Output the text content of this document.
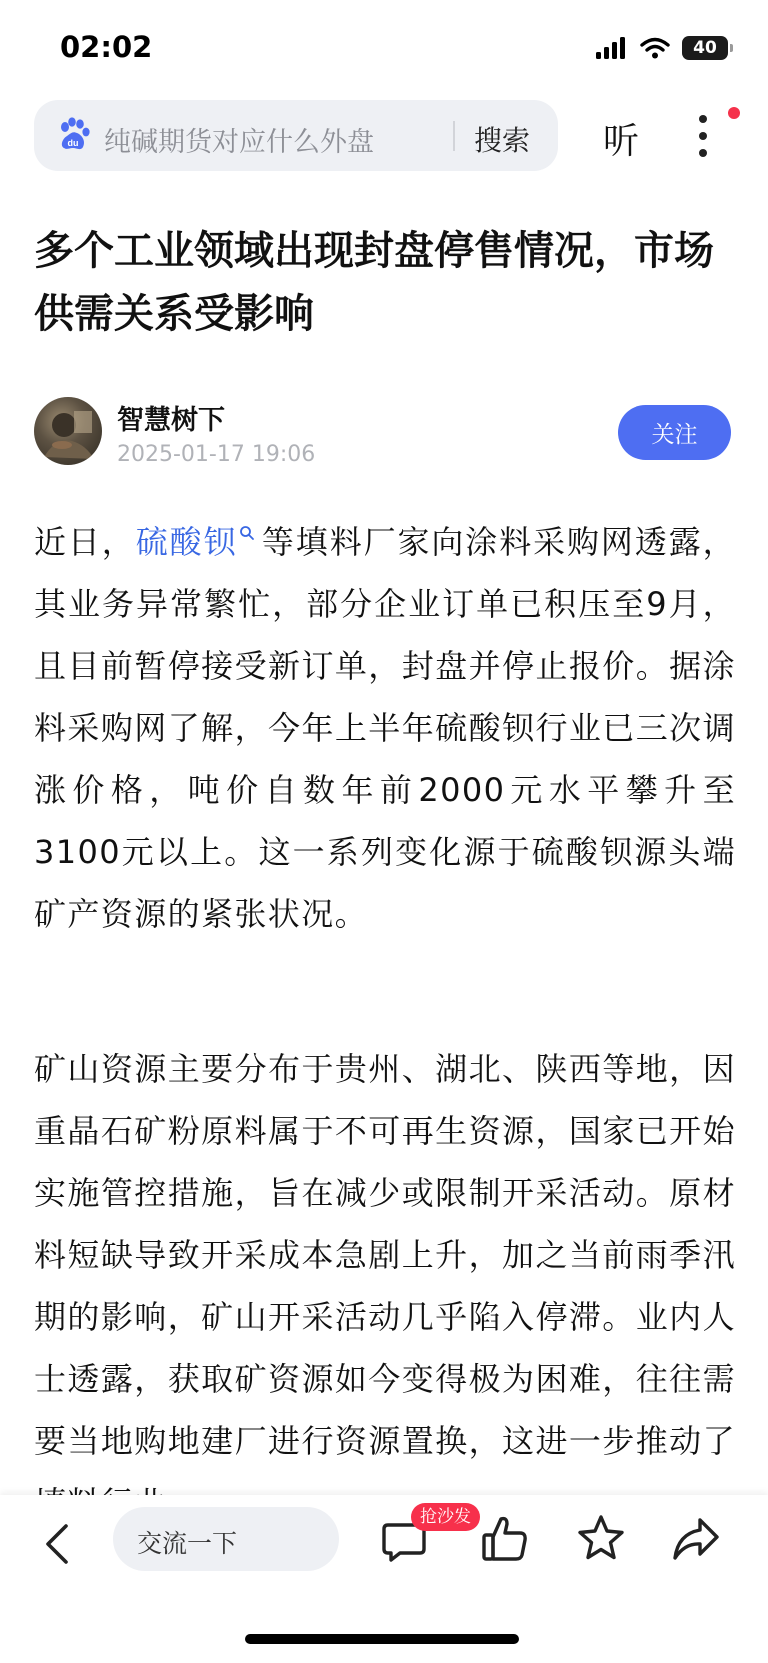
02:02	40
du 纯碱期货对应什么外盘	搜索 听
多个工业领域出现封盘停售情况，市场供需关系受影响
智慧树下
2025-01-17 19:06
关注

近日，硫酸钡 等填料厂家向涂料采购网透露，其业务异常繁忙，部分企业订单已积压至9月，且目前暂停接受新订单，封盘并停止报价。据涂料采购网了解，今年上半年硫酸钡行业已三次调涨价格，吨价自数年前2000元水平攀升至3100元以上。这一系列变化源于硫酸钡源头端矿产资源的紧张状况。

矿山资源主要分布于贵州、湖北、陕西等地，因重晶石矿粉原料属于不可再生资源，国家已开始实施管控措施，旨在减少或限制开采活动。原材料短缺导致开采成本急剧上升，加之当前雨季汛期的影响，矿山开采活动几乎陷入停滞。业内人士透露，获取矿资源如今变得极为困难，往往需要当地购地建厂进行资源置换，这进一步推动了

交流一下
抢沙发
